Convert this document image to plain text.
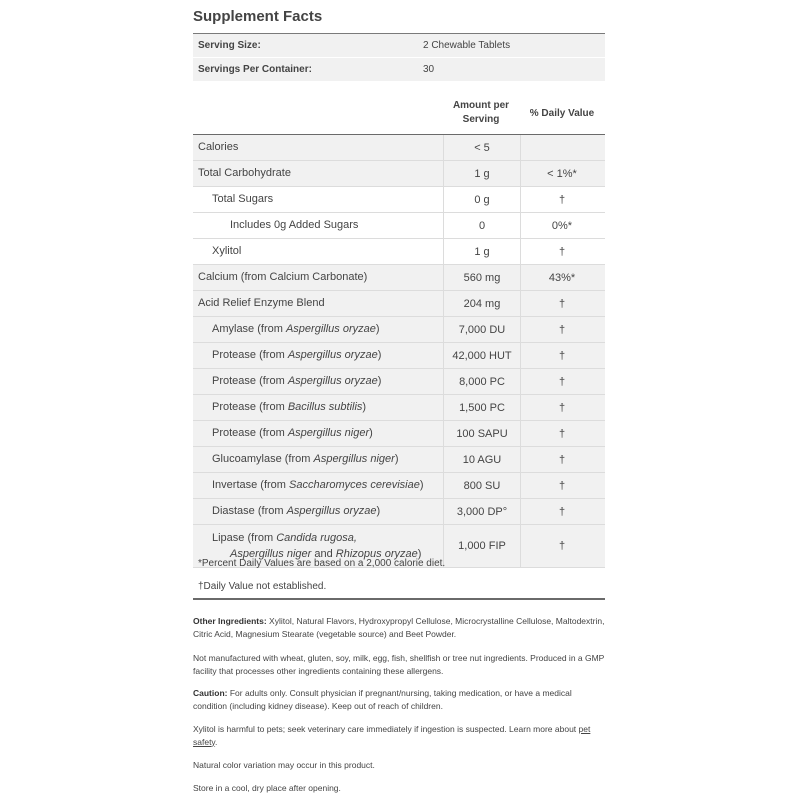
Supplement Facts
Serving Size:	2 Chewable Tablets
Servings Per Container:	30
Amount per
Serving
% Daily Value
Calories	< 5
Total Carbohydrate	1 g	< 1%*
Total Sugars	0 g	†
Includes 0g Added Sugars	0	0%*
Xylitol	1 g	†
Calcium (from Calcium Carbonate)	560 mg	43%*
Acid Relief Enzyme Blend	204 mg	†
Amylase (from Aspergillus oryzae)	7,000 DU	†
Protease (from Aspergillus oryzae)	42,000 HUT	†
Protease (from Aspergillus oryzae)	8,000 PC	†
Protease (from Bacillus subtilis)	1,500 PC	†
Protease (from Aspergillus niger)	100 SAPU	†
Glucoamylase (from Aspergillus niger)	10 AGU	†
Invertase (from Saccharomyces cerevisiae)	800 SU	†
Diastase (from Aspergillus oryzae)	3,000 DP°	†
Lipase (from Candida rugosa,
Aspergillus niger and Rhizopus oryzae)
1,000 FIP	†
*Percent Daily Values are based on a 2,000 calorie diet.
†Daily Value not established.
Other Ingredients: Xylitol, Natural Flavors, Hydroxypropyl Cellulose, Microcrystalline Cellulose, Maltodextrin, Citric Acid, Magnesium Stearate (vegetable source) and Beet Powder.
Not manufactured with wheat, gluten, soy, milk, egg, fish, shellfish or tree nut ingredients. Produced in a GMP facility that processes other ingredients containing these allergens.
Caution: For adults only. Consult physician if pregnant/nursing, taking medication, or have a medical condition (including kidney disease). Keep out of reach of children.
Xylitol is harmful to pets; seek veterinary care immediately if ingestion is suspected. Learn more about pet safety.
Natural color variation may occur in this product.
Store in a cool, dry place after opening.
